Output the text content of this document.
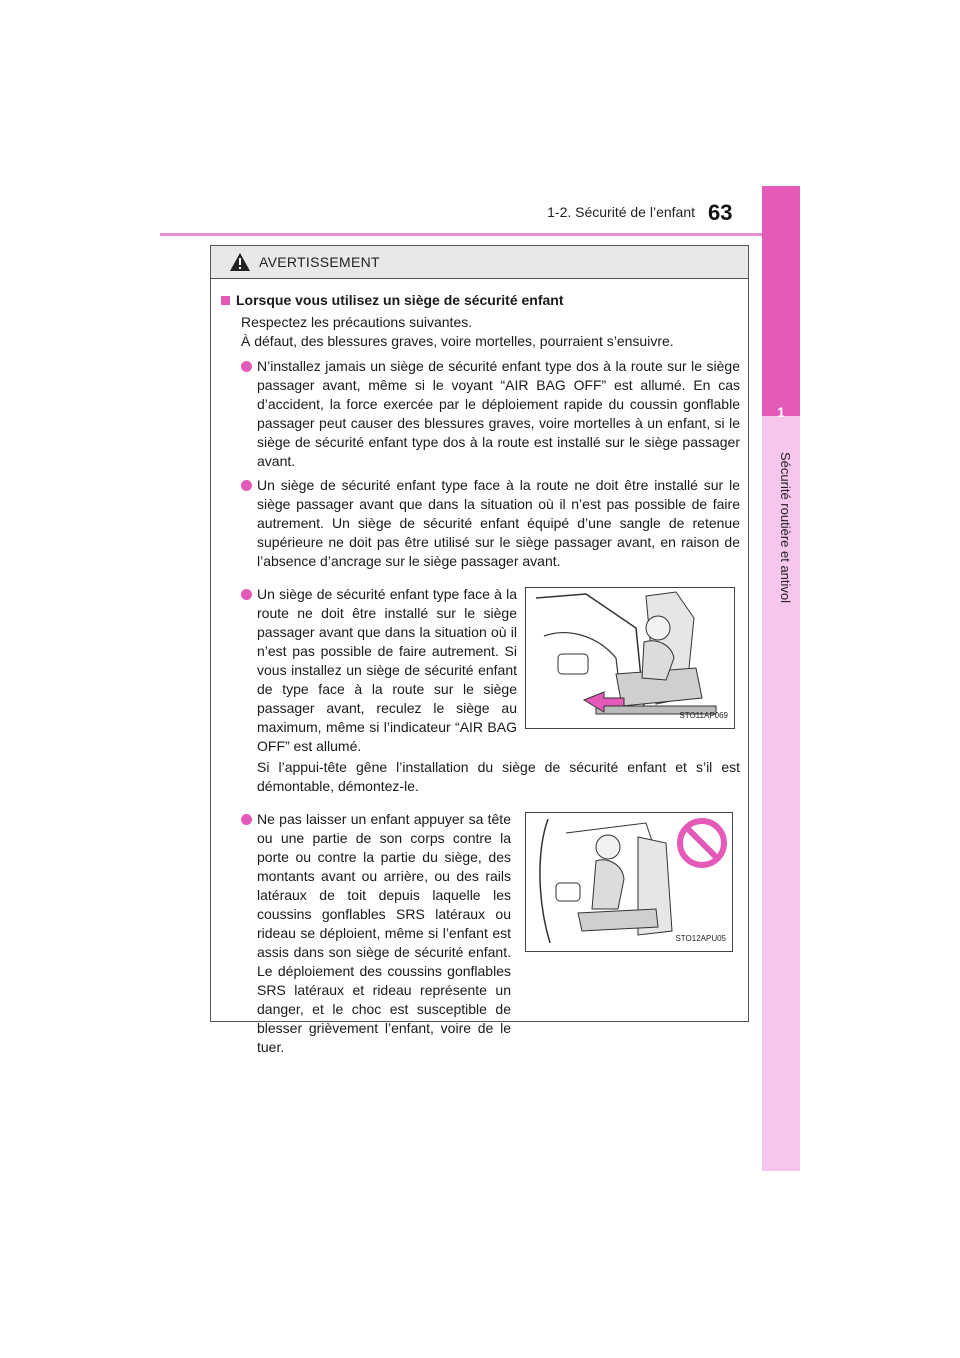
63
1-2. Sécurité de l’enfant
1
Sécurité routière et antivol
AVERTISSEMENT
Lorsque vous utilisez un siège de sécurité enfant
Respectez les précautions suivantes.
À défaut, des blessures graves, voire mortelles, pourraient s’ensuivre.
N’installez jamais un siège de sécurité enfant type dos à la route sur le siège passager avant, même si le voyant “AIR BAG OFF” est allumé. En cas d’accident, la force exercée par le déploiement rapide du coussin gonflable passager peut causer des blessures graves, voire mortelles à un enfant, si le siège de sécurité enfant type dos à la route est installé sur le siège passager avant.
Un siège de sécurité enfant type face à la route ne doit être installé sur le siège passager avant que dans la situation où il n’est pas possible de faire autrement. Un siège de sécurité enfant équipé d’une sangle de retenue supérieure ne doit pas être utilisé sur le siège passager avant, en raison de l’absence d’ancrage sur le siège passager avant.
Un siège de sécurité enfant type face à la route ne doit être installé sur le siège passager avant que dans la situation où il n’est pas possible de faire autrement. Si vous installez un siège de sécurité enfant de type face à la route sur le siège passager avant, reculez le siège au maximum, même si l’indicateur “AIR BAG OFF” est allumé.
STO11AP069
Si l’appui-tête gêne l’installation du siège de sécurité enfant et s’il est démontable, démontez-le.
Ne pas laisser un enfant appuyer sa tête ou une partie de son corps contre la porte ou contre la partie du siège, des montants avant ou arrière, ou des rails latéraux de toit depuis laquelle les coussins gonflables SRS latéraux ou rideau se déploient, même si l’enfant est assis dans son siège de sécurité enfant. Le déploiement des coussins gonflables SRS latéraux et rideau représente un danger, et le choc est susceptible de blesser grièvement l’enfant, voire de le tuer.
STO12APU05
